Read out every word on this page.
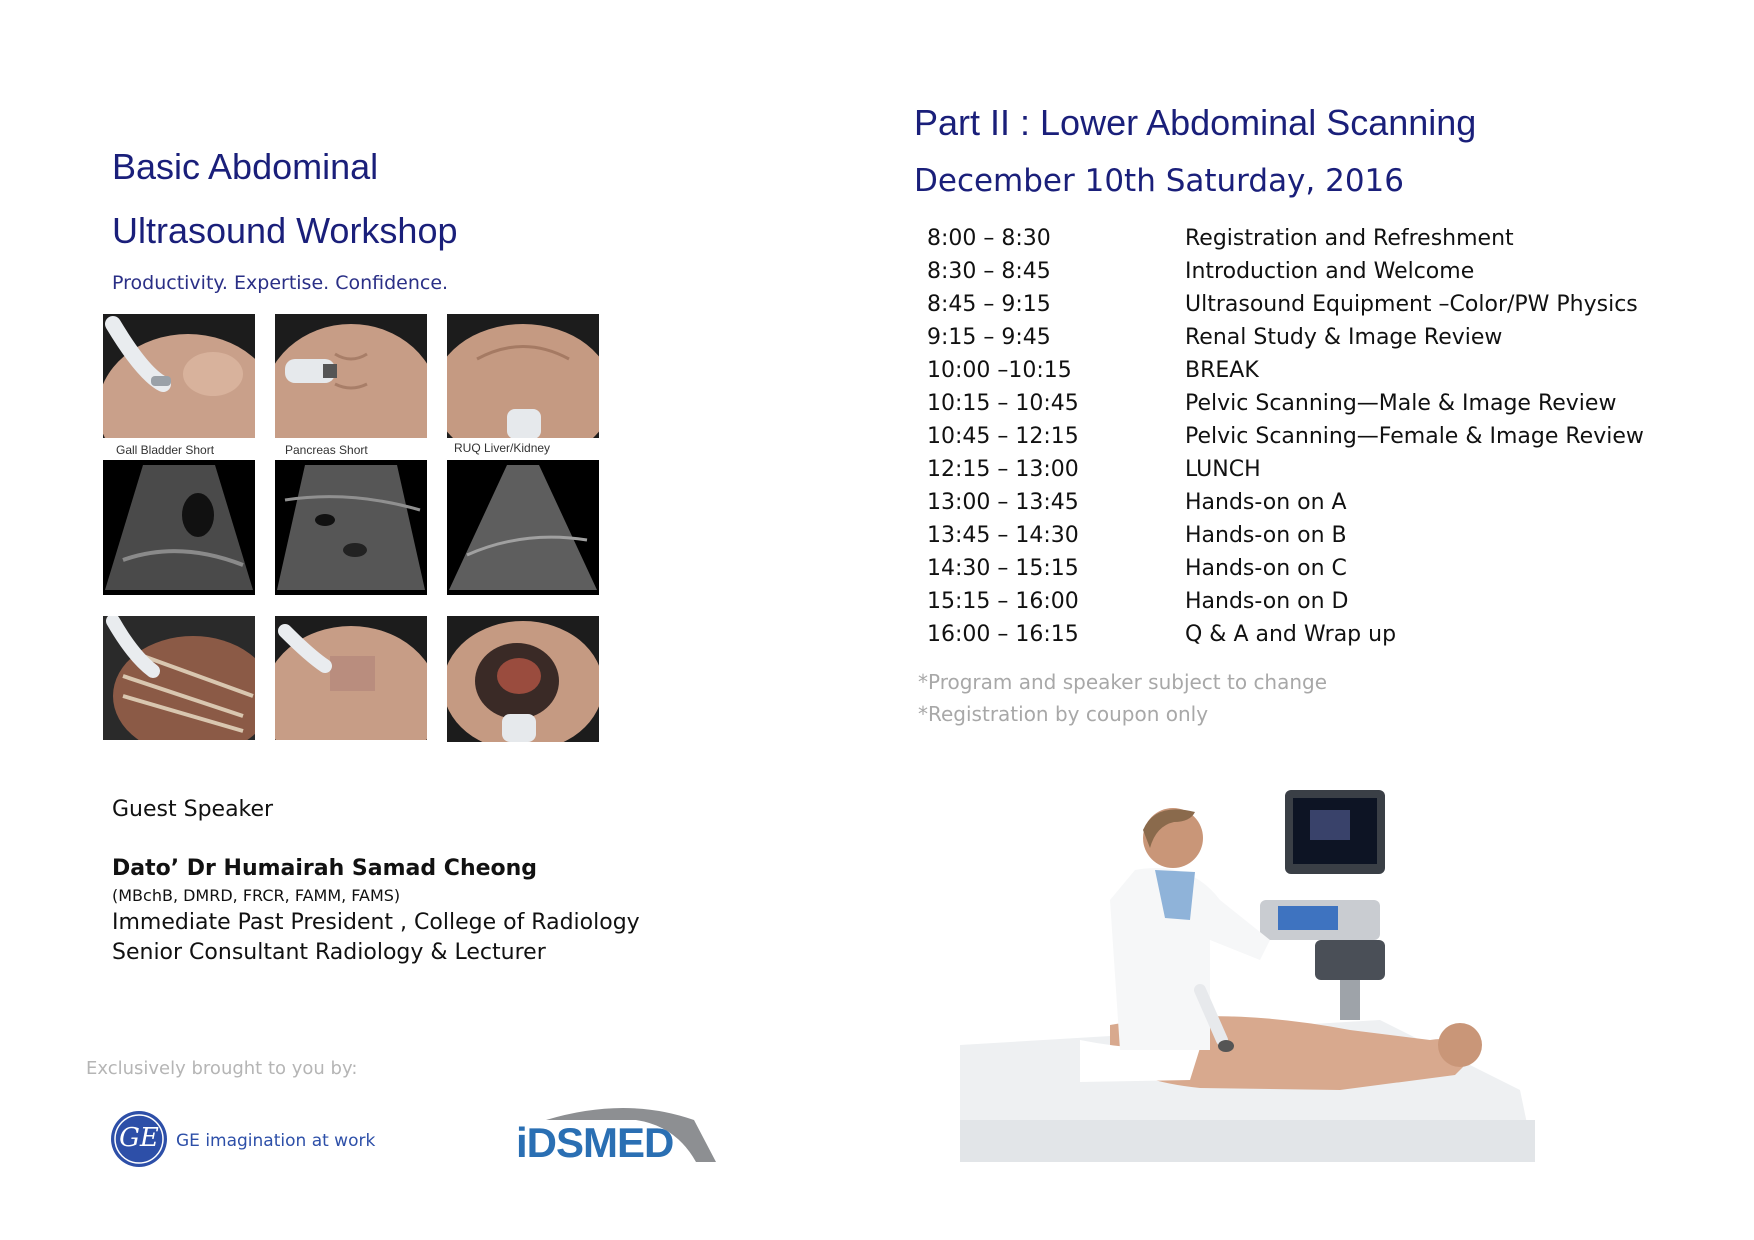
Basic Abdominal
Ultrasound Workshop
Productivity. Expertise. Confidence.
Gall Bladder Short	Pancreas Short	RUQ Liver/Kidney
Guest Speaker
Dato’ Dr Humairah Samad Cheong
(MBchB, DMRD, FRCR, FAMM, FAMS)
Immediate Past President , College of Radiology
Senior Consultant Radiology & Lecturer
Exclusively brought to you by:
GE	GE imagination at work	iDSMED
Part II : Lower Abdominal Scanning
December 10th Saturday, 2016
8:00 – 8:30	Registration and Refreshment
8:30 – 8:45	Introduction and Welcome
8:45 – 9:15	Ultrasound Equipment –Color/PW Physics
9:15 – 9:45	Renal Study & Image Review
10:00 –10:15	BREAK
10:15 – 10:45	Pelvic Scanning—Male & Image Review
10:45 – 12:15	Pelvic Scanning—Female & Image Review
12:15 – 13:00	LUNCH
13:00 – 13:45	Hands-on on A
13:45 – 14:30	Hands-on on B
14:30 – 15:15	Hands-on on C
15:15 – 16:00	Hands-on on D
16:00 – 16:15	Q & A and Wrap up
*Program and speaker subject to change
*Registration by coupon only
